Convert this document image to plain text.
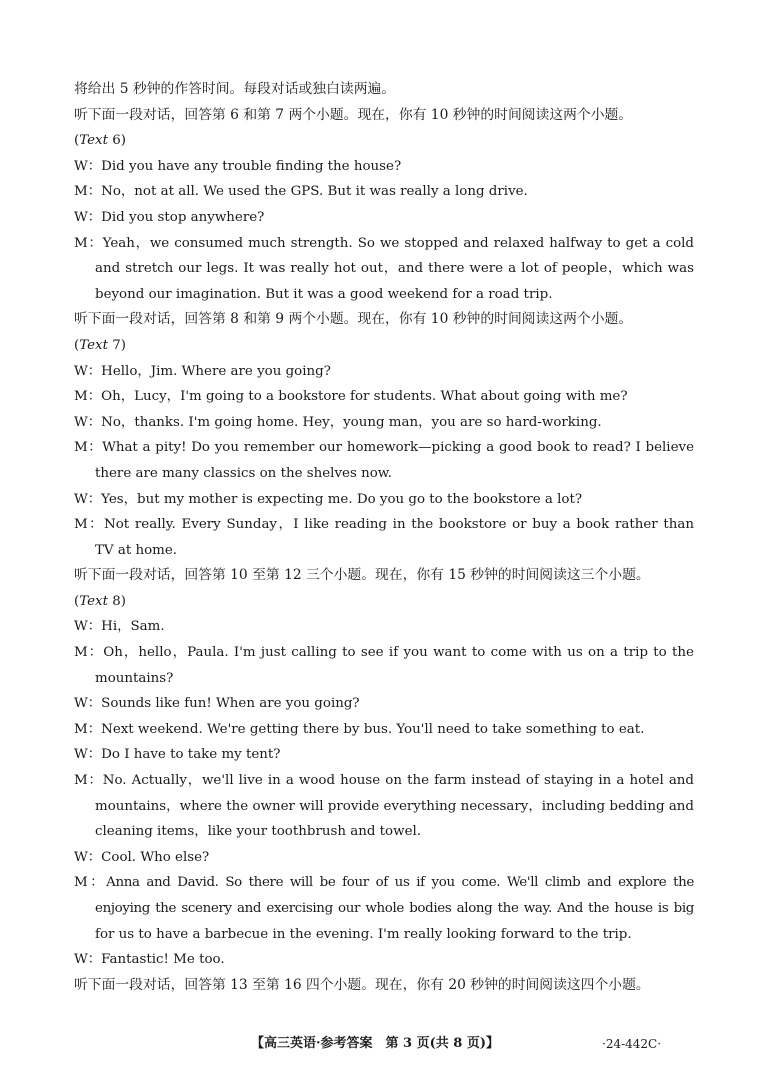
将给出 5 秒钟的作答时间。每段对话或独白读两遍。
听下面一段对话，回答第 6 和第 7 两个小题。现在，你有 10 秒钟的时间阅读这两个小题。
(Text 6)
W：Did you have any trouble finding the house?
M：No，not at all. We used the GPS. But it was really a long drive.
W：Did you stop anywhere?
M：Yeah，we consumed much strength. So we stopped and relaxed halfway to get a cold
and stretch our legs. It was really hot out，and there were a lot of people，which was
beyond our imagination. But it was a good weekend for a road trip.
听下面一段对话，回答第 8 和第 9 两个小题。现在，你有 10 秒钟的时间阅读这两个小题。
(Text 7)
W：Hello，Jim. Where are you going?
M：Oh，Lucy，I'm going to a bookstore for students. What about going with me?
W：No，thanks. I'm going home. Hey，young man，you are so hard-working.
M：What a pity! Do you remember our homework—picking a good book to read? I believe
there are many classics on the shelves now.
W：Yes，but my mother is expecting me. Do you go to the bookstore a lot?
M：Not really. Every Sunday，I like reading in the bookstore or buy a book rather than
TV at home.
听下面一段对话，回答第 10 至第 12 三个小题。现在，你有 15 秒钟的时间阅读这三个小题。
(Text 8)
W：Hi，Sam.
M：Oh，hello，Paula. I'm just calling to see if you want to come with us on a trip to the
mountains?
W：Sounds like fun! When are you going?
M：Next weekend. We're getting there by bus. You'll need to take something to eat.
W：Do I have to take my tent?
M：No. Actually，we'll live in a wood house on the farm instead of staying in a hotel and
mountains，where the owner will provide everything necessary，including bedding and
cleaning items，like your toothbrush and towel.
W：Cool. Who else?
M：Anna and David. So there will be four of us if you come. We'll climb and explore the
enjoying the scenery and exercising our whole bodies along the way. And the house is big
for us to have a barbecue in the evening. I'm really looking forward to the trip.
W：Fantastic! Me too.
听下面一段对话，回答第 13 至第 16 四个小题。现在，你有 20 秒钟的时间阅读这四个小题。
【高三英语·参考答案　第 3 页(共 8 页)】	·24-442C·
